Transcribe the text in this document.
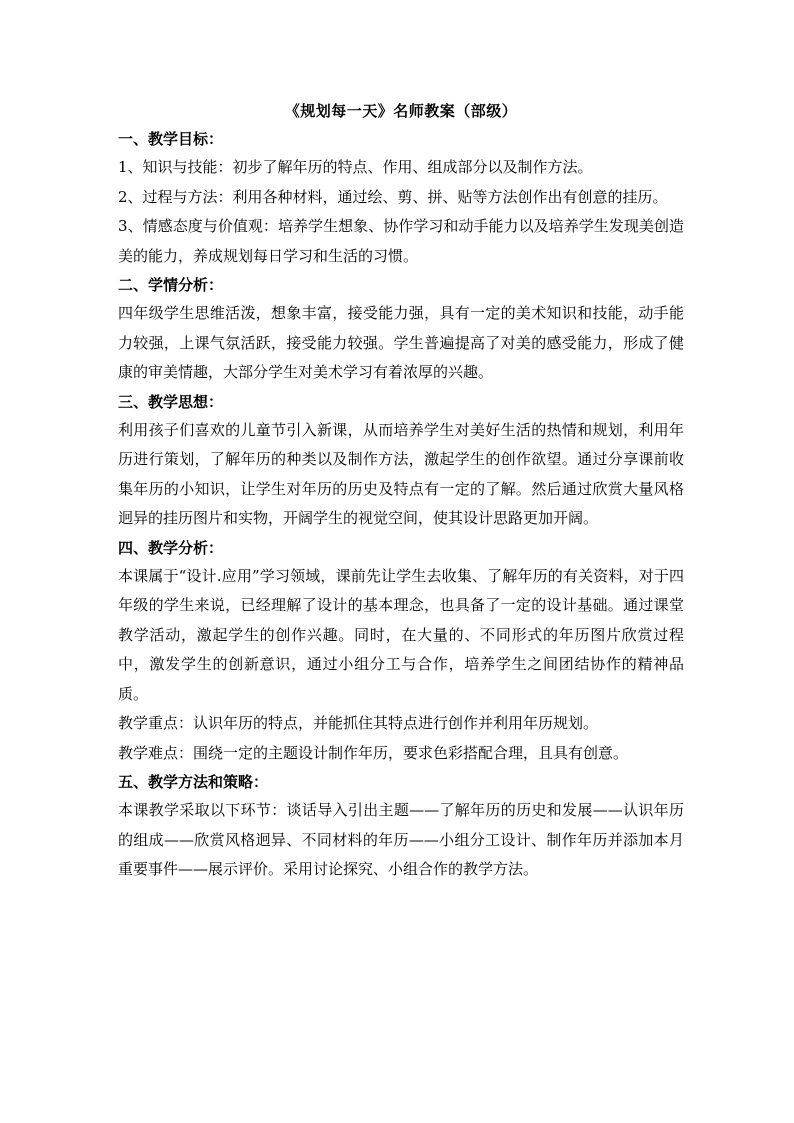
《规划每一天》名师教案（部级）
一、教学目标：

1、知识与技能：初步了解年历的特点、作用、组成部分以及制作方法。

2、过程与方法：利用各种材料，通过绘、剪、拼、贴等方法创作出有创意的挂历。

3、情感态度与价值观：培养学生想象、协作学习和动手能力以及培养学生发现美创造美的能力，养成规划每日学习和生活的习惯。

二、学情分析：

四年级学生思维活泼，想象丰富，接受能力强，具有一定的美术知识和技能，动手能力较强，上课气氛活跃，接受能力较强。学生普遍提高了对美的感受能力，形成了健康的审美情趣，大部分学生对美术学习有着浓厚的兴趣。

三、教学思想：

利用孩子们喜欢的儿童节引入新课，从而培养学生对美好生活的热情和规划，利用年历进行策划，了解年历的种类以及制作方法，激起学生的创作欲望。通过分享课前收集年历的小知识，让学生对年历的历史及特点有一定的了解。然后通过欣赏大量风格迥异的挂历图片和实物，开阔学生的视觉空间，使其设计思路更加开阔。

四、教学分析：

本课属于“设计.应用”学习领域，课前先让学生去收集、了解年历的有关资料，对于四年级的学生来说，已经理解了设计的基本理念，也具备了一定的设计基础。通过课堂教学活动，激起学生的创作兴趣。同时，在大量的、不同形式的年历图片欣赏过程中，激发学生的创新意识，通过小组分工与合作，培养学生之间团结协作的精神品质。

教学重点：认识年历的特点，并能抓住其特点进行创作并利用年历规划。

教学难点：围绕一定的主题设计制作年历，要求色彩搭配合理，且具有创意。

五、教学方法和策略：

本课教学采取以下环节：谈话导入引出主题——了解年历的历史和发展——认识年历的组成——欣赏风格迥异、不同材料的年历——小组分工设计、制作年历并添加本月重要事件——展示评价。采用讨论探究、小组合作的教学方法。
